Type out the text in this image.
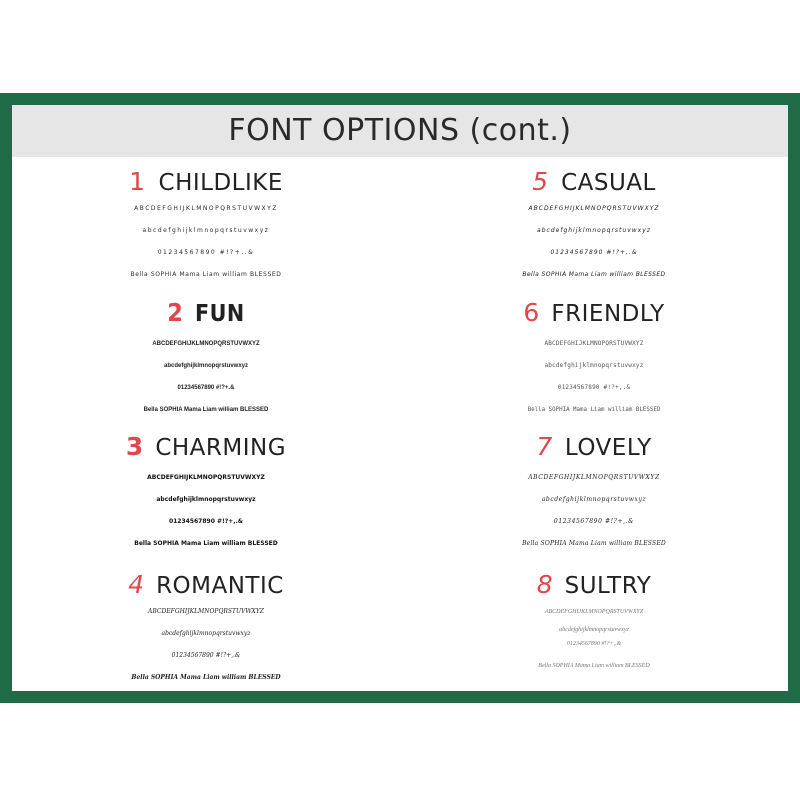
FONT OPTIONS (cont.)
1 CHILDLIKE
ABCDEFGHIJKLMNOPQRSTUVWXYZ
abcdefghijklmnopqrstuvwxyz
01234567890 #!?+,.&
Bella SOPHIA Mama Liam william BLESSED
2 FUN
ABCDEFGHIJKLMNOPQRSTUVWXYZ
abcdefghijklmnopqrstuvwxyz
01234567890 #!?+.&
Bella SOPHIA Mama Liam william BLESSED
3 CHARMING
ABCDEFGHIJKLMNOPQRSTUVWXYZ
abcdefghijklmnopqrstuvwxyz
01234567890 #!?+,.&
Bella SOPHIA Mama Liam william BLESSED
4 ROMANTIC
ABCDEFGHIJKLMNOPQRSTUVWXYZ
abcdefghijklmnopqrstuvwxyz
01234567890 #!?+,.&
Bella SOPHIA Mama Liam william BLESSED
5 CASUAL
ABCDEFGHIJKLMNOPQRSTUVWXYZ
abcdefghijklmnopqrstuvwxyz
01234567890 #!?+,.&
Bella SOPHIA Mama Liam william BLESSED
6 FRIENDLY
ABCDEFGHIJKLMNOPQRSTUVWXYZ
abcdefghijklmnopqrstuvwxyz
01234567890 #!?+,.&
Bella SOPHIA Mama Liam william BLESSED
7 LOVELY
ABCDEFGHIJKLMNOPQRSTUVWXYZ
abcdefghijklmnopqrstuvwxyz
01234567890 #!?+,.&
Bella SOPHIA Mama Liam william BLESSED
8 SULTRY
ABCDEFGHIJKLMNOPQRSTUVWXYZ
abcdefghijklmnopqrstuvwxyz
01234567890 #!?+,.&
Bella SOPHIA Mama Liam william BLESSED
